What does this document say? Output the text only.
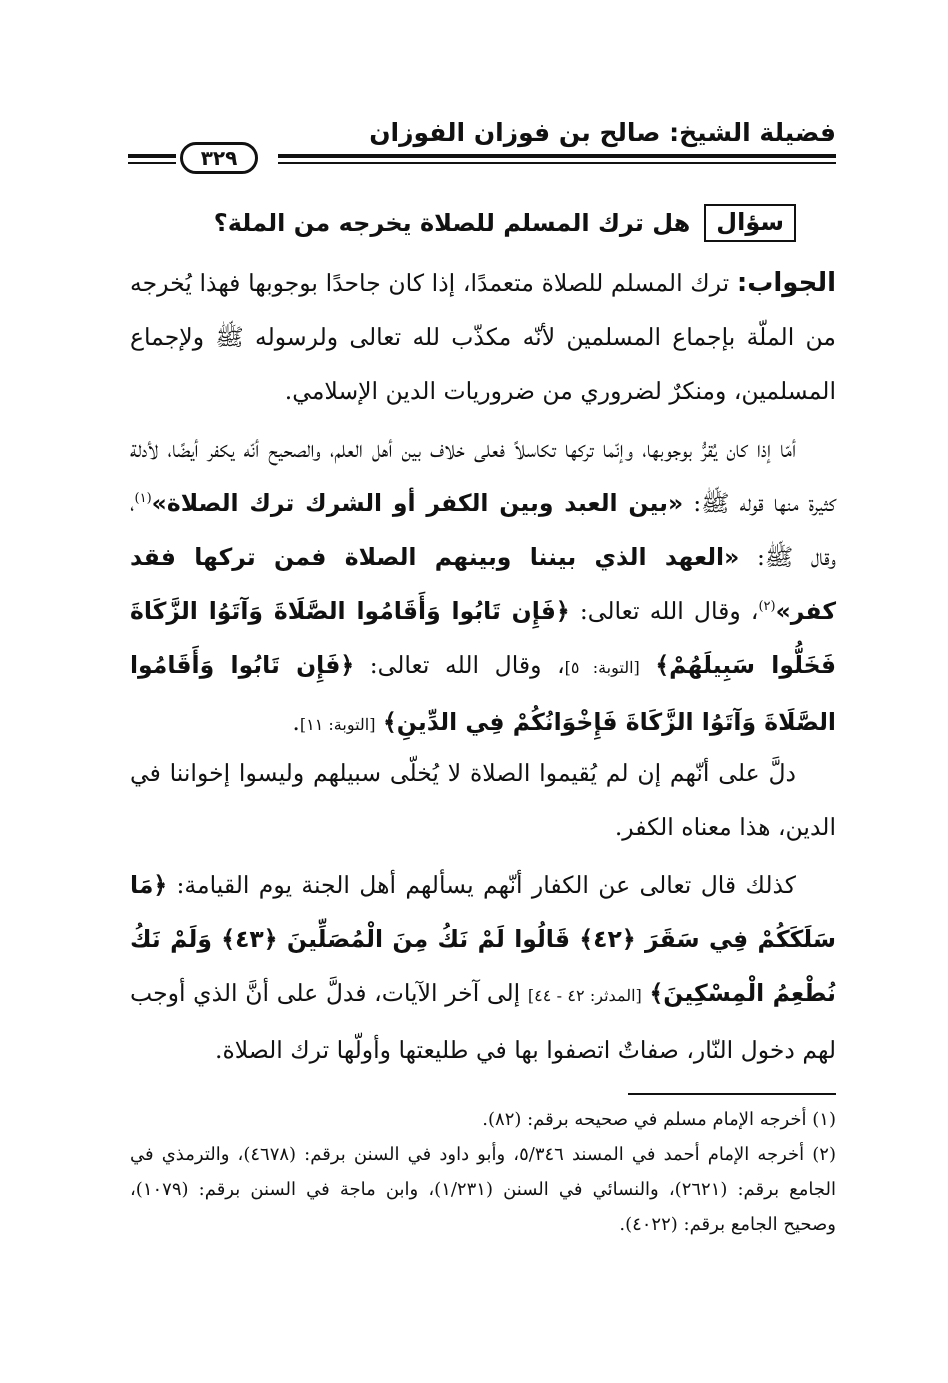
فضيلة الشيخ: صالح بن فوزان الفوزان
٣٢٩
سؤال
هل ترك المسلم للصلاة يخرجه من الملة؟

الجواب: ترك المسلم للصلاة متعمدًا، إذا كان جاحدًا بوجوبها فهذا يُخرجه من الملّة بإجماع المسلمين لأنّه مكذّب لله تعالى ولرسوله ﷺ ولإجماع المسلمين، ومنكرٌ لضروري من ضروريات الدين الإسلامي.

أمّا إذا كان يُقرُّ بوجوبها، وإنّما تركها تكاسلاً فعلى خلاف بين أهل العلم، والصحيح أنّه يكفر أيضًا، لأدلة كثيرة منها قوله ﷺ: «بين العبد وبين الكفر أو الشرك ترك الصلاة»$^{(١)}$، وقال ﷺ: «العهد الذي بيننا وبينهم الصلاة فمن تركها فقد كفر»$^{(٢)}$، وقال الله تعالى: ﴿فَإِن تَابُوا وَأَقَامُوا الصَّلَاةَ وَآتَوُا الزَّكَاةَ فَخَلُّوا سَبِيلَهُمْ﴾ [التوبة: ٥]، وقال الله تعالى: ﴿فَإِن تَابُوا وَأَقَامُوا الصَّلَاةَ وَآتَوُا الزَّكَاةَ فَإِخْوَانُكُمْ فِي الدِّينِ﴾ [التوبة: ١١].

دلَّ على أنّهم إن لم يُقيموا الصلاة لا يُخلّى سبيلهم وليسوا إخواننا في الدين، هذا معناه الكفر.

كذلك قال تعالى عن الكفار أنّهم يسألهم أهل الجنة يوم القيامة: ﴿مَا سَلَكَكُمْ فِي سَقَرَ ﴿٤٢﴾ قَالُوا لَمْ نَكُ مِنَ الْمُصَلِّينَ ﴿٤٣﴾ وَلَمْ نَكُ نُطْعِمُ الْمِسْكِينَ﴾ [المدثر: ٤٢ - ٤٤] إلى آخر الآيات، فدلَّ على أنَّ الذي أوجب لهم دخول النّار، صفاتٌ اتصفوا بها في طليعتها وأولّها ترك الصلاة.

(١) أخرجه الإمام مسلم في صحيحه برقم: (٨٢).

(٢) أخرجه الإمام أحمد في المسند ٥/٣٤٦، وأبو داود في السنن برقم: (٤٦٧٨)، والترمذي في الجامع برقم: (٢٦٢١)، والنسائي في السنن (١/٢٣١)، وابن ماجة في السنن برقم: (١٠٧٩)، وصحيح الجامع برقم: (٤٠٢٢).
